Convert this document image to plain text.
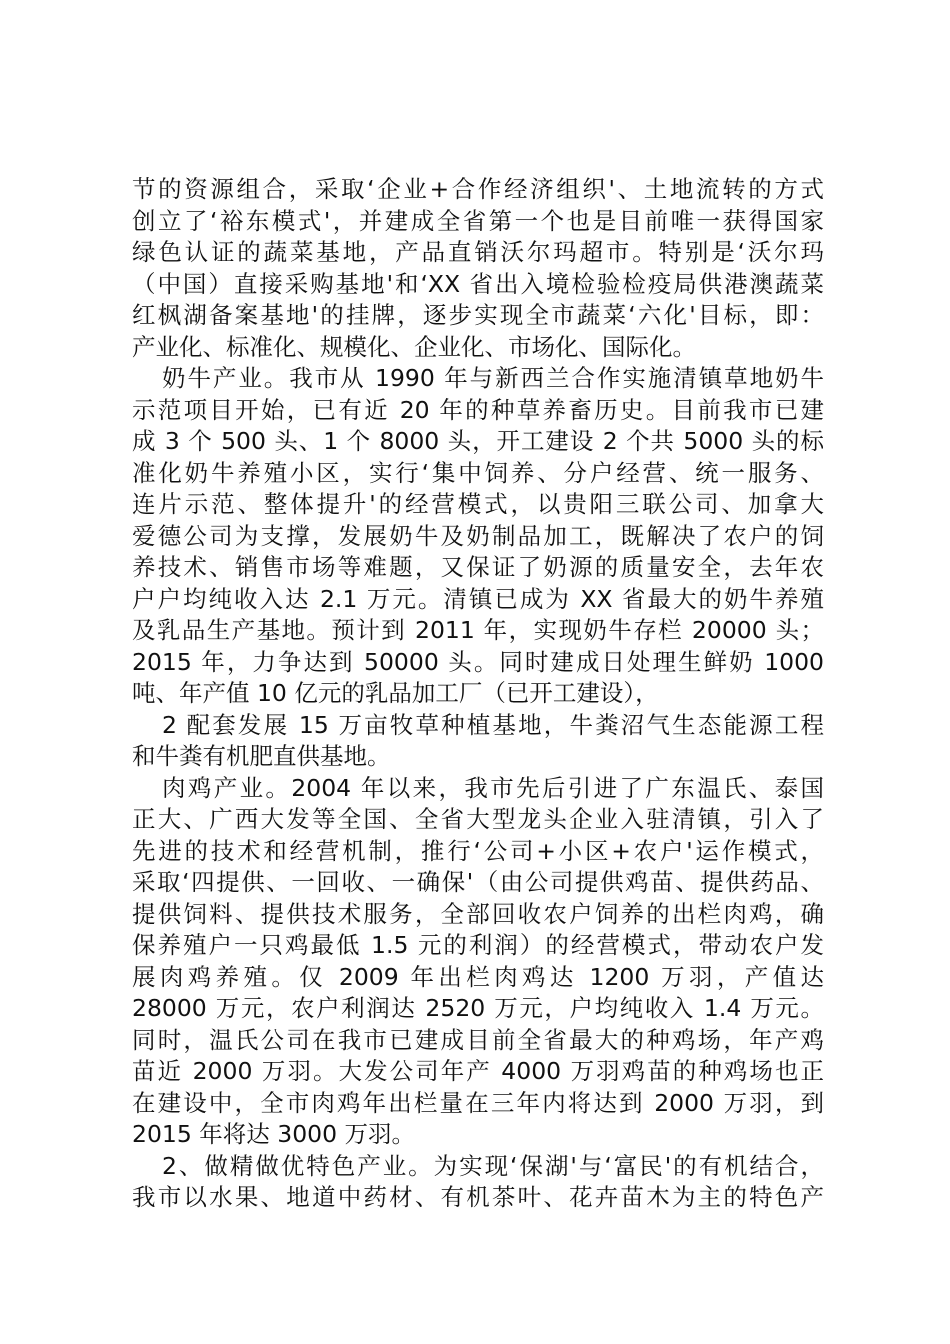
节的资源组合，采取‘企业+合作经济组织'、土地流转的方式
创立了‘裕东模式'，并建成全省第一个也是目前唯一获得国家
绿色认证的蔬菜基地，产品直销沃尔玛超市。特别是‘沃尔玛
（中国）直接采购基地'和‘XX 省出入境检验检疫局供港澳蔬菜
红枫湖备案基地'的挂牌，逐步实现全市蔬菜‘六化'目标，即：
产业化、标准化、规模化、企业化、市场化、国际化。
奶牛产业。我市从 1990 年与新西兰合作实施清镇草地奶牛
示范项目开始，已有近 20 年的种草养畜历史。目前我市已建
成 3 个 500 头、1 个 8000 头，开工建设 2 个共 5000 头的标
准化奶牛养殖小区，实行‘集中饲养、分户经营、统一服务、
连片示范、整体提升'的经营模式，以贵阳三联公司、加拿大
爱德公司为支撑，发展奶牛及奶制品加工，既解决了农户的饲
养技术、销售市场等难题，又保证了奶源的质量安全，去年农
户户均纯收入达 2.1 万元。清镇已成为 XX 省最大的奶牛养殖
及乳品生产基地。预计到 2011 年，实现奶牛存栏 20000 头；
2015 年，力争达到 50000 头。同时建成日处理生鲜奶 1000
吨、年产值 10 亿元的乳品加工厂（已开工建设），
2 配套发展 15 万亩牧草种植基地，牛粪沼气生态能源工程
和牛粪有机肥直供基地。
肉鸡产业。2004 年以来，我市先后引进了广东温氏、泰国
正大、广西大发等全国、全省大型龙头企业入驻清镇，引入了
先进的技术和经营机制，推行‘公司+小区+农户'运作模式，
采取‘四提供、一回收、一确保'（由公司提供鸡苗、提供药品、
提供饲料、提供技术服务，全部回收农户饲养的出栏肉鸡，确
保养殖户一只鸡最低 1.5 元的利润）的经营模式，带动农户发
展肉鸡养殖。仅 2009 年出栏肉鸡达 1200 万羽，产值达
28000 万元，农户利润达 2520 万元，户均纯收入 1.4 万元。
同时，温氏公司在我市已建成目前全省最大的种鸡场，年产鸡
苗近 2000 万羽。大发公司年产 4000 万羽鸡苗的种鸡场也正
在建设中，全市肉鸡年出栏量在三年内将达到 2000 万羽，到
2015 年将达 3000 万羽。
2、做精做优特色产业。为实现‘保湖'与‘富民'的有机结合，
我市以水果、地道中药材、有机茶叶、花卉苗木为主的特色产
